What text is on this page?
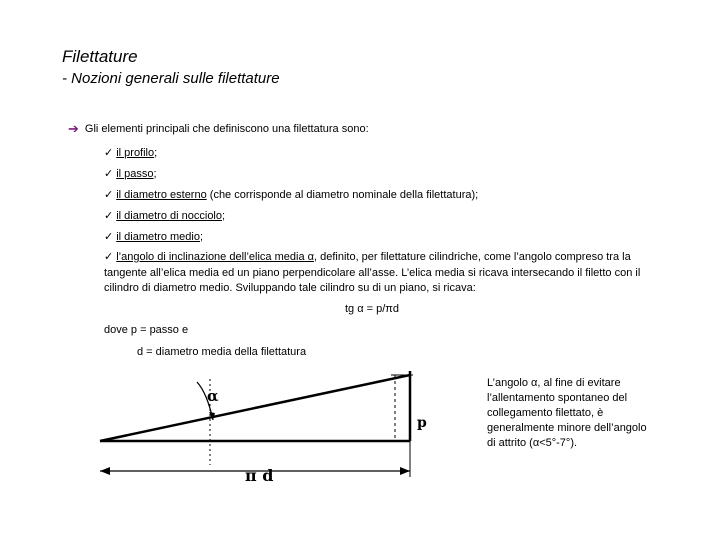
Filettature
- Nozioni generali sulle filettature
➔ Gli elementi principali che definiscono una filettatura sono:
✓ il profilo;
✓ il passo;
✓ il diametro esterno (che corrisponde al diametro nominale della filettatura);
✓ il diametro di nocciolo;
✓ il diametro medio;
✓ l’angolo di inclinazione dell’elica media α, definito, per filettature cilindriche, come l’angolo compreso tra la tangente all’elica media ed un piano perpendicolare all’asse. L’elica media si ricava intersecando il filetto con il cilindro di diametro medio. Sviluppando tale cilindro su di un piano, si ricava:
tg α = p/πd
dove p = passo e
d = diametro media della filettatura
L’angolo α, al fine di evitare l’allentamento spontaneo del collegamento filettato, è generalmente minore dell’angolo di attrito (α<5°-7°).
α
p
π d
